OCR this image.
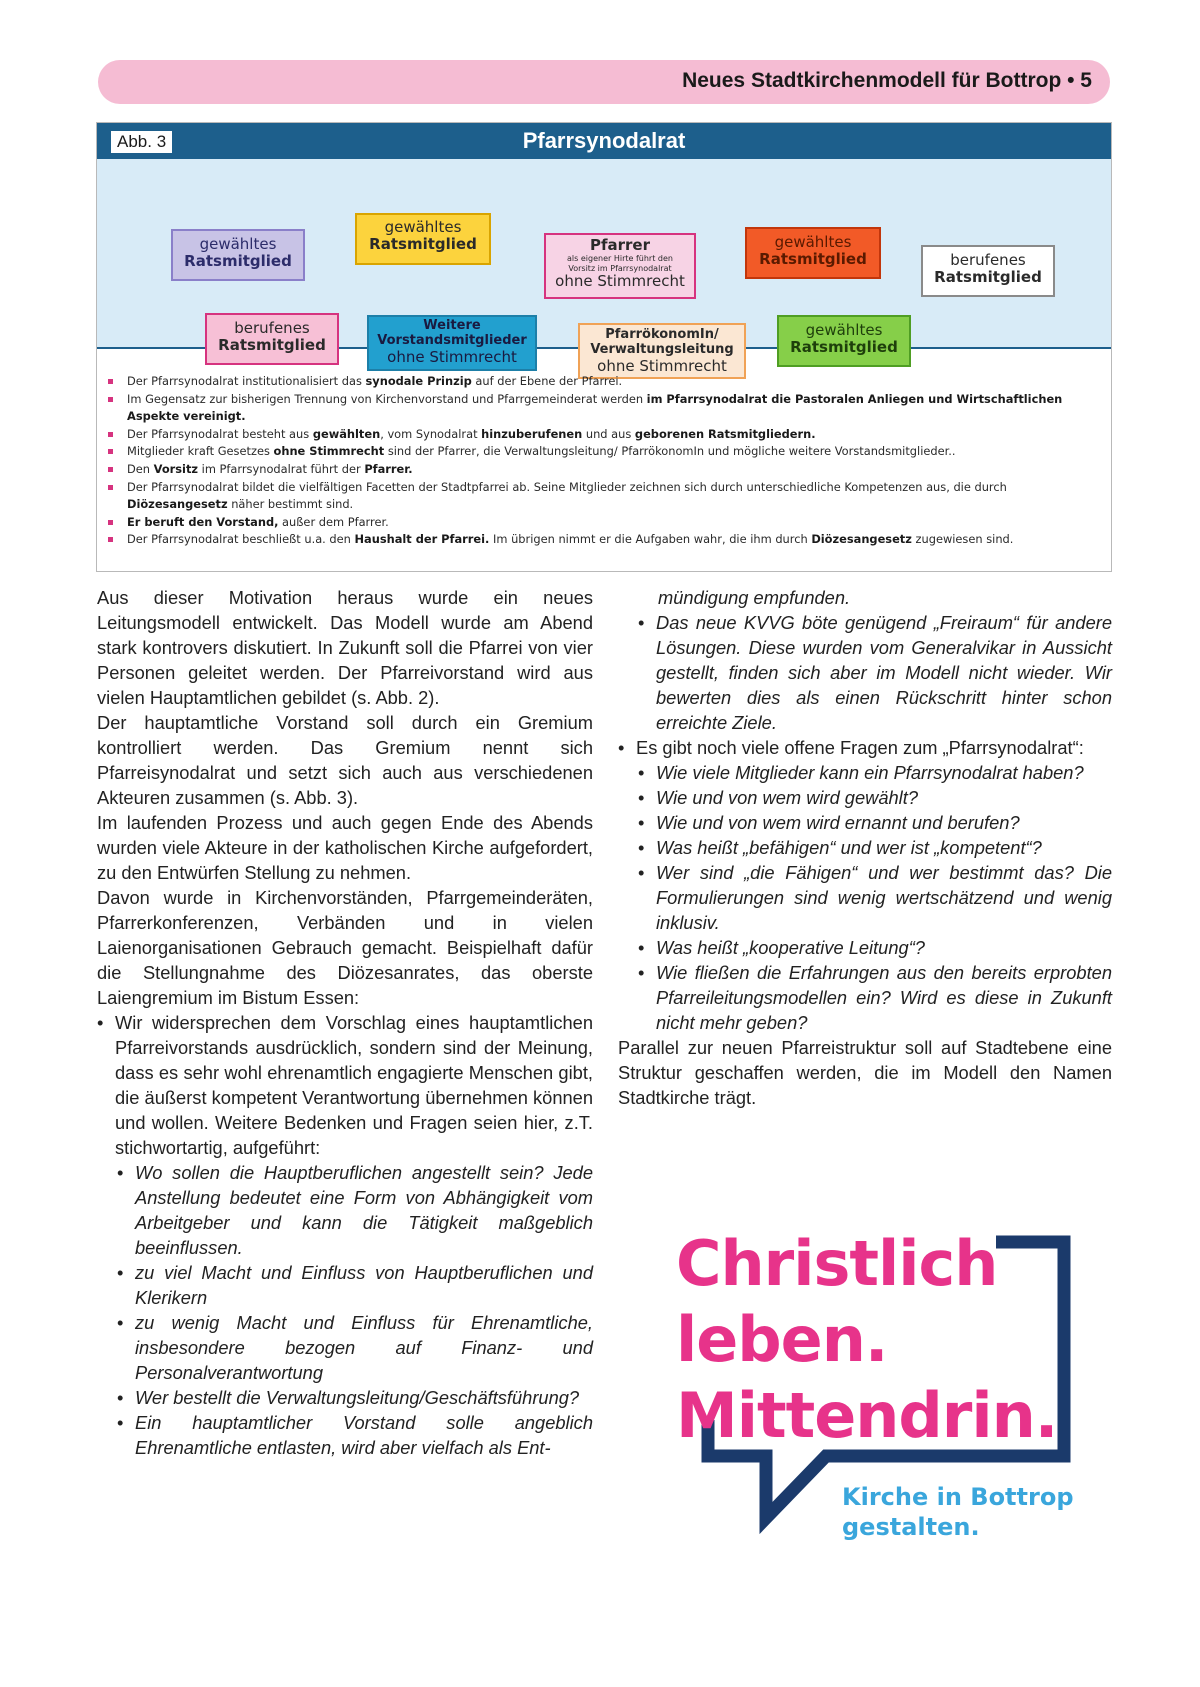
Neues Stadtkirchenmodell für Bottrop • 5
Abb. 3	Pfarrsynodalrat
gewähltes
Ratsmitglied
gewähltes
Ratsmitglied	Pfarrer
als eigener Hirte führt den
Vorsitz im Pfarrsynodalrat
ohne Stimmrecht
gewähltes
Ratsmitglied	berufenes
Ratsmitglied
berufenes
Ratsmitglied
Weitere
Vorstandsmitglieder
ohne Stimmrecht
PfarrökonomIn/
Verwaltungsleitung
ohne Stimmrecht
gewähltes
Ratsmitglied
Der Pfarrsynodalrat institutionalisiert das synodale Prinzip auf der Ebene der Pfarrei.
Im Gegensatz zur bisherigen Trennung von Kirchenvorstand und Pfarrgemeinderat werden im Pfarrsynodalrat die Pastoralen Anliegen und Wirtschaftlichen Aspekte vereinigt.
Der Pfarrsynodalrat besteht aus gewählten, vom Synodalrat hinzuberufenen und aus geborenen Ratsmitgliedern.
Mitglieder kraft Gesetzes ohne Stimmrecht sind der Pfarrer, die Verwaltungsleitung/ PfarrökonomIn und mögliche weitere Vorstandsmitglieder..
Den Vorsitz im Pfarrsynodalrat führt der Pfarrer.
Der Pfarrsynodalrat bildet die vielfältigen Facetten der Stadtpfarrei ab. Seine Mitglieder zeichnen sich durch unterschiedliche Kompetenzen aus, die durch Diözesangesetz näher bestimmt sind.
Er beruft den Vorstand, außer dem Pfarrer.
Der Pfarrsynodalrat beschließt u.a. den Haushalt der Pfarrei. Im übrigen nimmt er die Aufgaben wahr, die ihm durch Diözesangesetz zugewiesen sind.

Aus dieser Motivation heraus wurde ein neues Leitungsmodell entwickelt. Das Modell wurde am Abend stark kontrovers diskutiert. In Zukunft soll die Pfarrei von vier Personen geleitet werden. Der Pfarreivorstand wird aus vielen Hauptamtlichen gebildet (s. Abb. 2).

Der hauptamtliche Vorstand soll durch ein Gremium kontrolliert werden. Das Gremium nennt sich Pfarreisynodalrat und setzt sich auch aus verschiedenen Akteuren zusammen (s. Abb. 3).

Im laufenden Prozess und auch gegen Ende des Abends wurden viele Akteure in der katholischen Kirche aufgefordert, zu den Entwürfen Stellung zu nehmen.

Davon wurde in Kirchenvorständen, Pfarrgemeinderäten, Pfarrerkonferenzen, Verbänden und in vielen Laienorganisationen Gebrauch gemacht. Beispielhaft dafür die Stellungnahme des Diözesanrates, das oberste Laiengremium im Bistum Essen:

• Wir widersprechen dem Vorschlag eines hauptamtlichen Pfarreivorstands ausdrücklich, sondern sind der Meinung, dass es sehr wohl ehrenamtlich engagierte Menschen gibt, die äußerst kompetent Verantwortung übernehmen können und wollen. Weitere Bedenken und Fragen seien hier, z.T. stichwortartig, aufgeführt:
• Wo sollen die Hauptberuflichen angestellt sein? Jede Anstellung bedeutet eine Form von Abhängigkeit vom Arbeitgeber und kann die Tätigkeit maßgeblich beeinflussen.
• zu viel Macht und Einfluss von Hauptberuflichen und Klerikern
• zu wenig Macht und Einfluss für Ehrenamtliche, insbesondere bezogen auf Finanz- und Personalverantwortung
• Wer bestellt die Verwaltungsleitung/Geschäftsführung?
• Ein hauptamtlicher Vorstand solle angeblich Ehrenamtliche entlasten, wird aber vielfach als Ent-

mündigung empfunden.

• Das neue KVVG böte genügend „Freiraum“ für andere Lösungen. Diese wurden vom Generalvikar in Aussicht gestellt, finden sich aber im Modell nicht wieder. Wir bewerten dies als einen Rückschritt hinter schon erreichte Ziele.
• Es gibt noch viele offene Fragen zum „Pfarrsynodalrat“:
• Wie viele Mitglieder kann ein Pfarrsynodalrat haben?
• Wie und von wem wird gewählt?
• Wie und von wem wird ernannt und berufen?
• Was heißt „befähigen“ und wer ist „kompetent“?
• Wer sind „die Fähigen“ und wer bestimmt das? Die Formulierungen sind wenig wertschätzend und wenig inklusiv.
• Was heißt „kooperative Leitung“?
• Wie fließen die Erfahrungen aus den bereits erprobten Pfarreileitungsmodellen ein? Wird es diese in Zukunft nicht mehr geben?

Parallel zur neuen Pfarreistruktur soll auf Stadtebene eine Struktur geschaffen werden, die im Modell den Namen Stadtkirche trägt.

Christlich
leben.
Mittendrin.
Kirche in Bottrop
gestalten.
